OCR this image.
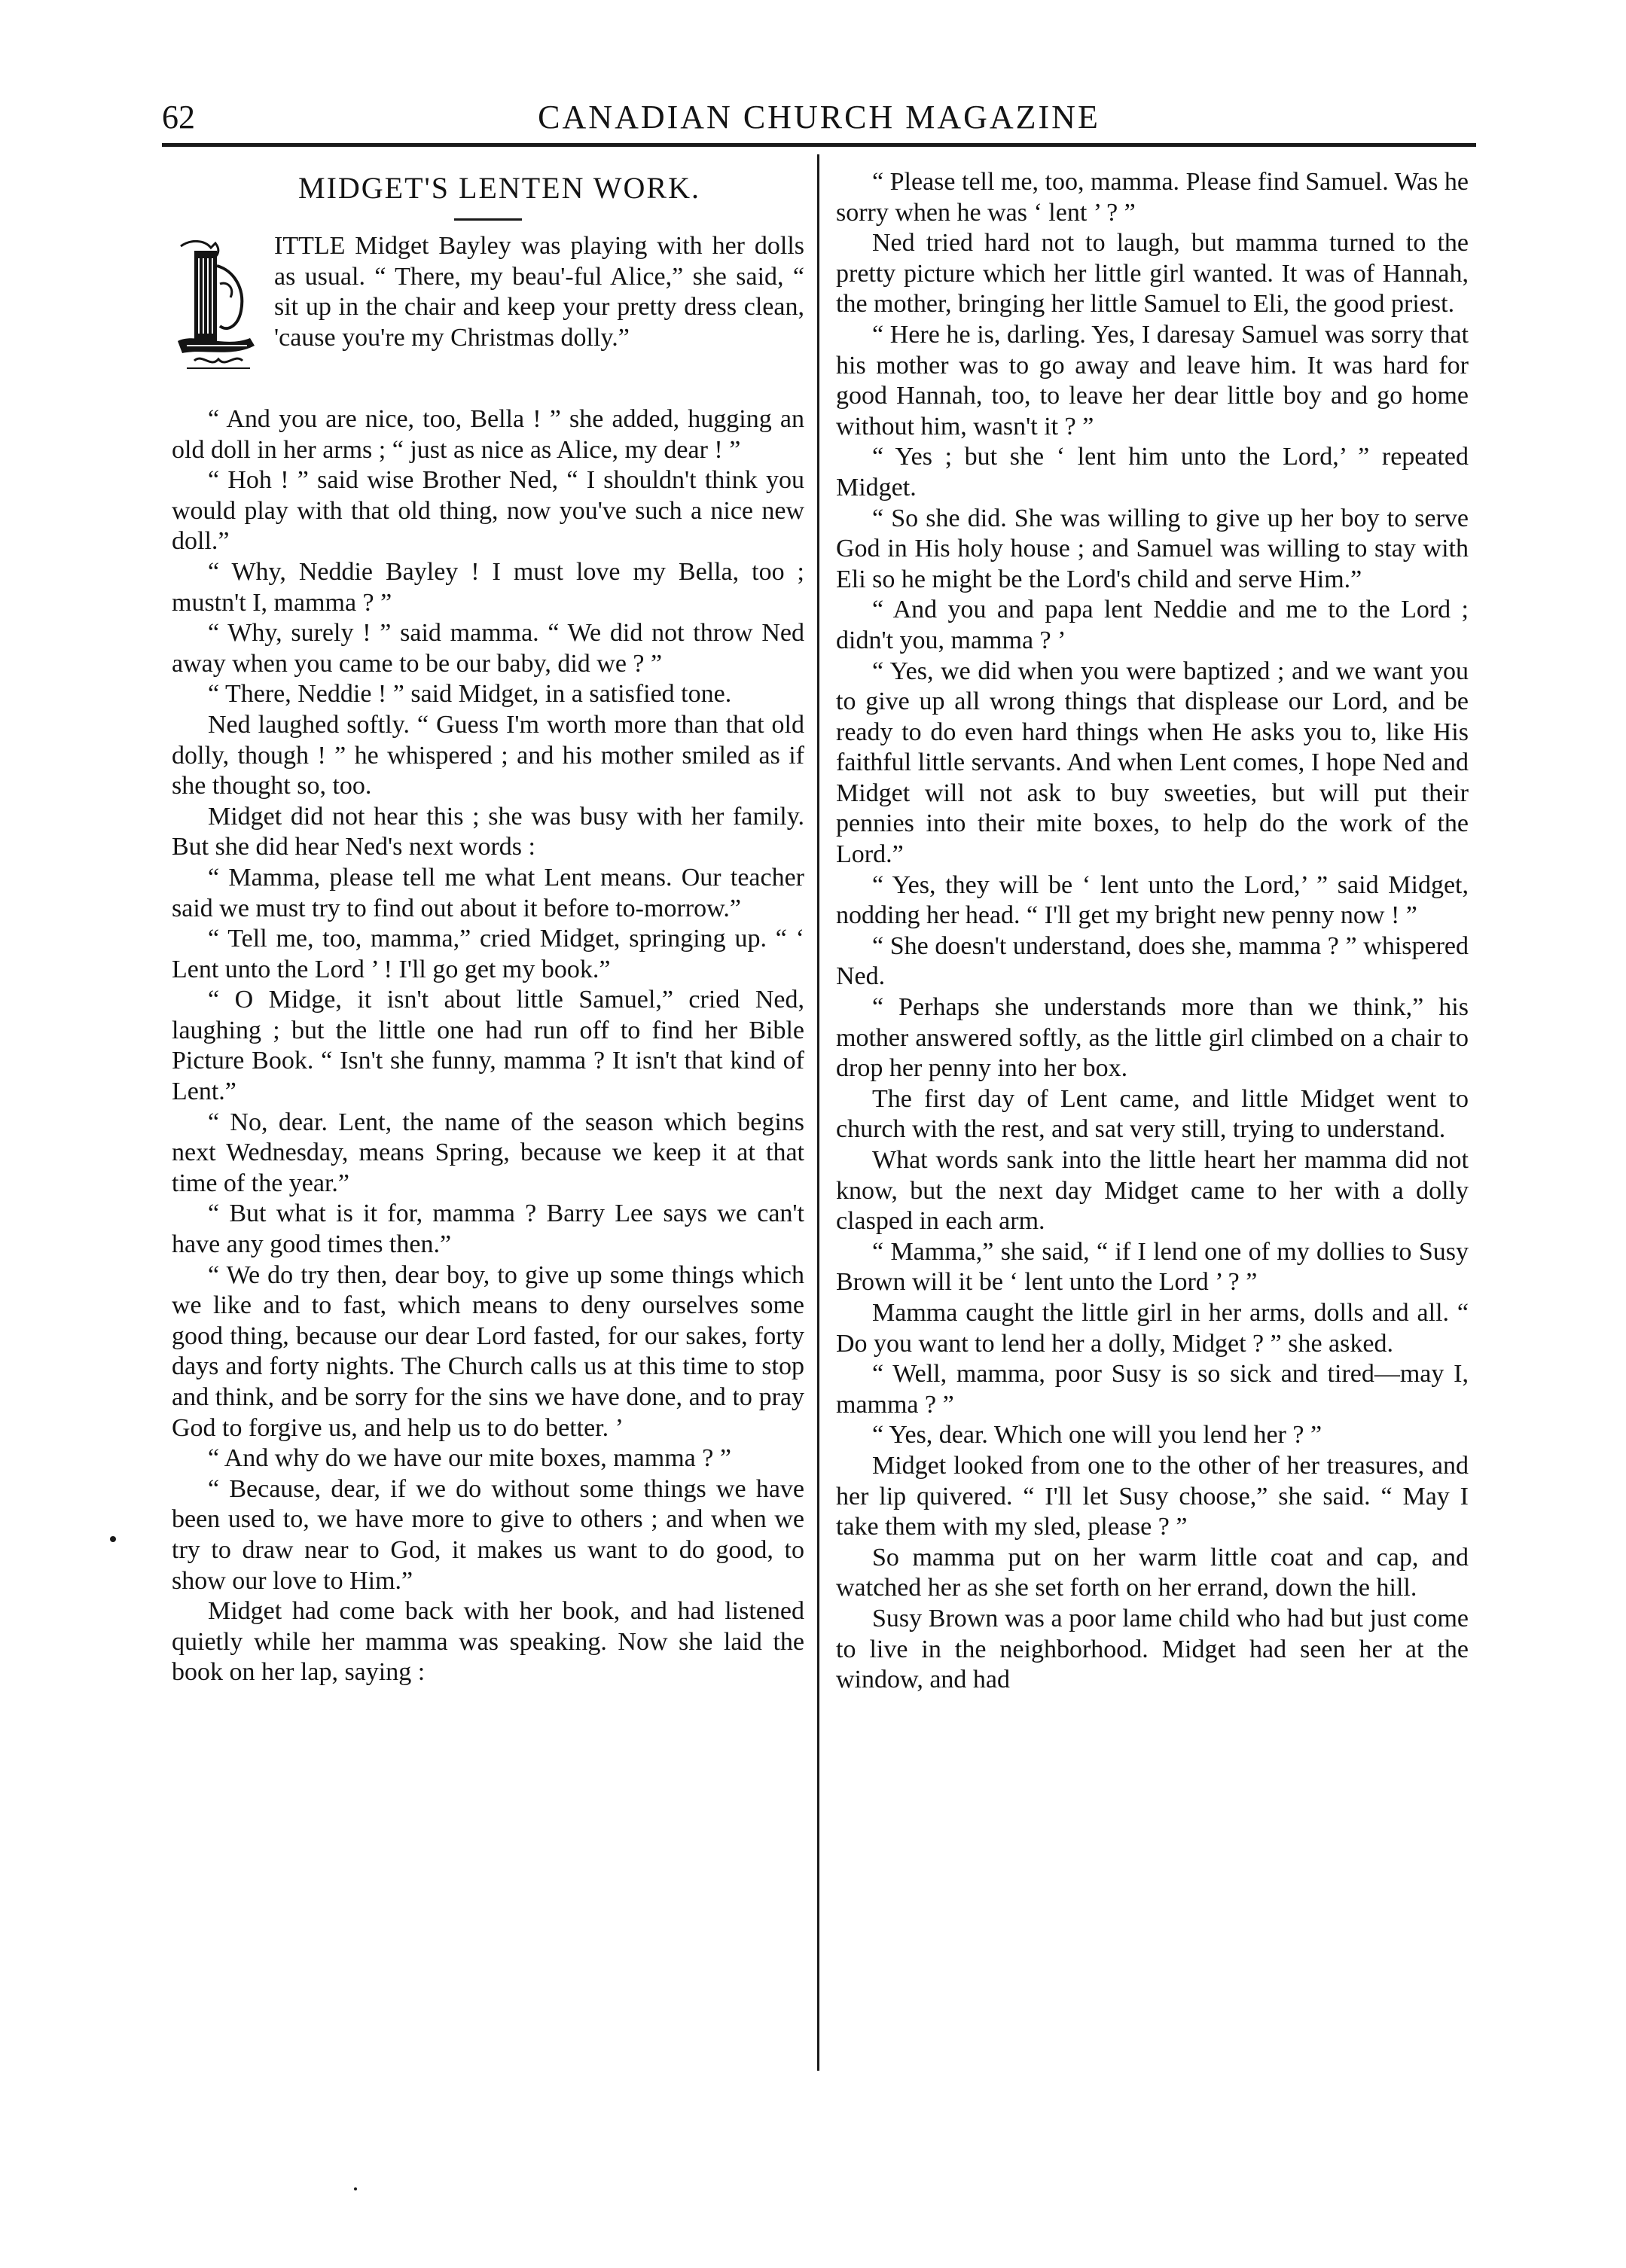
62	CANADIAN CHURCH MAGAZINE
MIDGET'S LENTEN WORK.

ITTLE Midget Bayley was playing with her dolls as usual. “ There, my beau'-ful Alice,” she said, “ sit up in the chair and keep your pretty dress clean, 'cause you're my Christmas dolly.”

“ And you are nice, too, Bella ! ” she added, hugging an old doll in her arms ; “ just as nice as Alice, my dear ! ”

“ Hoh ! ” said wise Brother Ned, “ I shouldn't think you would play with that old thing, now you've such a nice new doll.”

“ Why, Neddie Bayley ! I must love my Bella, too ; mustn't I, mamma ? ”

“ Why, surely ! ” said mamma. “ We did not throw Ned away when you came to be our baby, did we ? ”

“ There, Neddie ! ” said Midget, in a satisfied tone.

Ned laughed softly. “ Guess I'm worth more than that old dolly, though ! ” he whispered ; and his mother smiled as if she thought so, too.

Midget did not hear this ; she was busy with her family. But she did hear Ned's next words :

“ Mamma, please tell me what Lent means. Our teacher said we must try to find out about it before to-morrow.”

“ Tell me, too, mamma,” cried Midget, springing up. “ ‘ Lent unto the Lord ’ ! I'll go get my book.”

“ O Midge, it isn't about little Samuel,” cried Ned, laughing ; but the little one had run off to find her Bible Picture Book. “ Isn't she funny, mamma ? It isn't that kind of Lent.”

“ No, dear. Lent, the name of the season which begins next Wednesday, means Spring, because we keep it at that time of the year.”

“ But what is it for, mamma ? Barry Lee says we can't have any good times then.”

“ We do try then, dear boy, to give up some things which we like and to fast, which means to deny ourselves some good thing, because our dear Lord fasted, for our sakes, forty days and forty nights. The Church calls us at this time to stop and think, and be sorry for the sins we have done, and to pray God to forgive us, and help us to do better. ’

“ And why do we have our mite boxes, mamma ? ”

“ Because, dear, if we do without some things we have been used to, we have more to give to others ; and when we try to draw near to God, it makes us want to do good, to show our love to Him.”

Midget had come back with her book, and had listened quietly while her mamma was speaking. Now she laid the book on her lap, saying :

“ Please tell me, too, mamma. Please find Samuel. Was he sorry when he was ‘ lent ’ ? ”

Ned tried hard not to laugh, but mamma turned to the pretty picture which her little girl wanted. It was of Hannah, the mother, bringing her little Samuel to Eli, the good priest.

“ Here he is, darling. Yes, I daresay Samuel was sorry that his mother was to go away and leave him. It was hard for good Hannah, too, to leave her dear little boy and go home without him, wasn't it ? ”

“ Yes ; but she ‘ lent him unto the Lord,’ ” repeated Midget.

“ So she did. She was willing to give up her boy to serve God in His holy house ; and Samuel was willing to stay with Eli so he might be the Lord's child and serve Him.”

“ And you and papa lent Neddie and me to the Lord ; didn't you, mamma ? ’

“ Yes, we did when you were baptized ; and we want you to give up all wrong things that displease our Lord, and be ready to do even hard things when He asks you to, like His faithful little servants. And when Lent comes, I hope Ned and Midget will not ask to buy sweeties, but will put their pennies into their mite boxes, to help do the work of the Lord.”

“ Yes, they will be ‘ lent unto the Lord,’ ” said Midget, nodding her head. “ I'll get my bright new penny now ! ”

“ She doesn't understand, does she, mamma ? ” whispered Ned.

“ Perhaps she understands more than we think,” his mother answered softly, as the little girl climbed on a chair to drop her penny into her box.

The first day of Lent came, and little Midget went to church with the rest, and sat very still, trying to understand.

What words sank into the little heart her mamma did not know, but the next day Midget came to her with a dolly clasped in each arm.

“ Mamma,” she said, “ if I lend one of my dollies to Susy Brown will it be ‘ lent unto the Lord ’ ? ”

Mamma caught the little girl in her arms, dolls and all. “ Do you want to lend her a dolly, Midget ? ” she asked.

“ Well, mamma, poor Susy is so sick and tired—may I, mamma ? ”

“ Yes, dear. Which one will you lend her ? ”

Midget looked from one to the other of her treasures, and her lip quivered. “ I'll let Susy choose,” she said. “ May I take them with my sled, please ? ”

So mamma put on her warm little coat and cap, and watched her as she set forth on her errand, down the hill.

Susy Brown was a poor lame child who had but just come to live in the neighborhood. Midget had seen her at the window, and had
